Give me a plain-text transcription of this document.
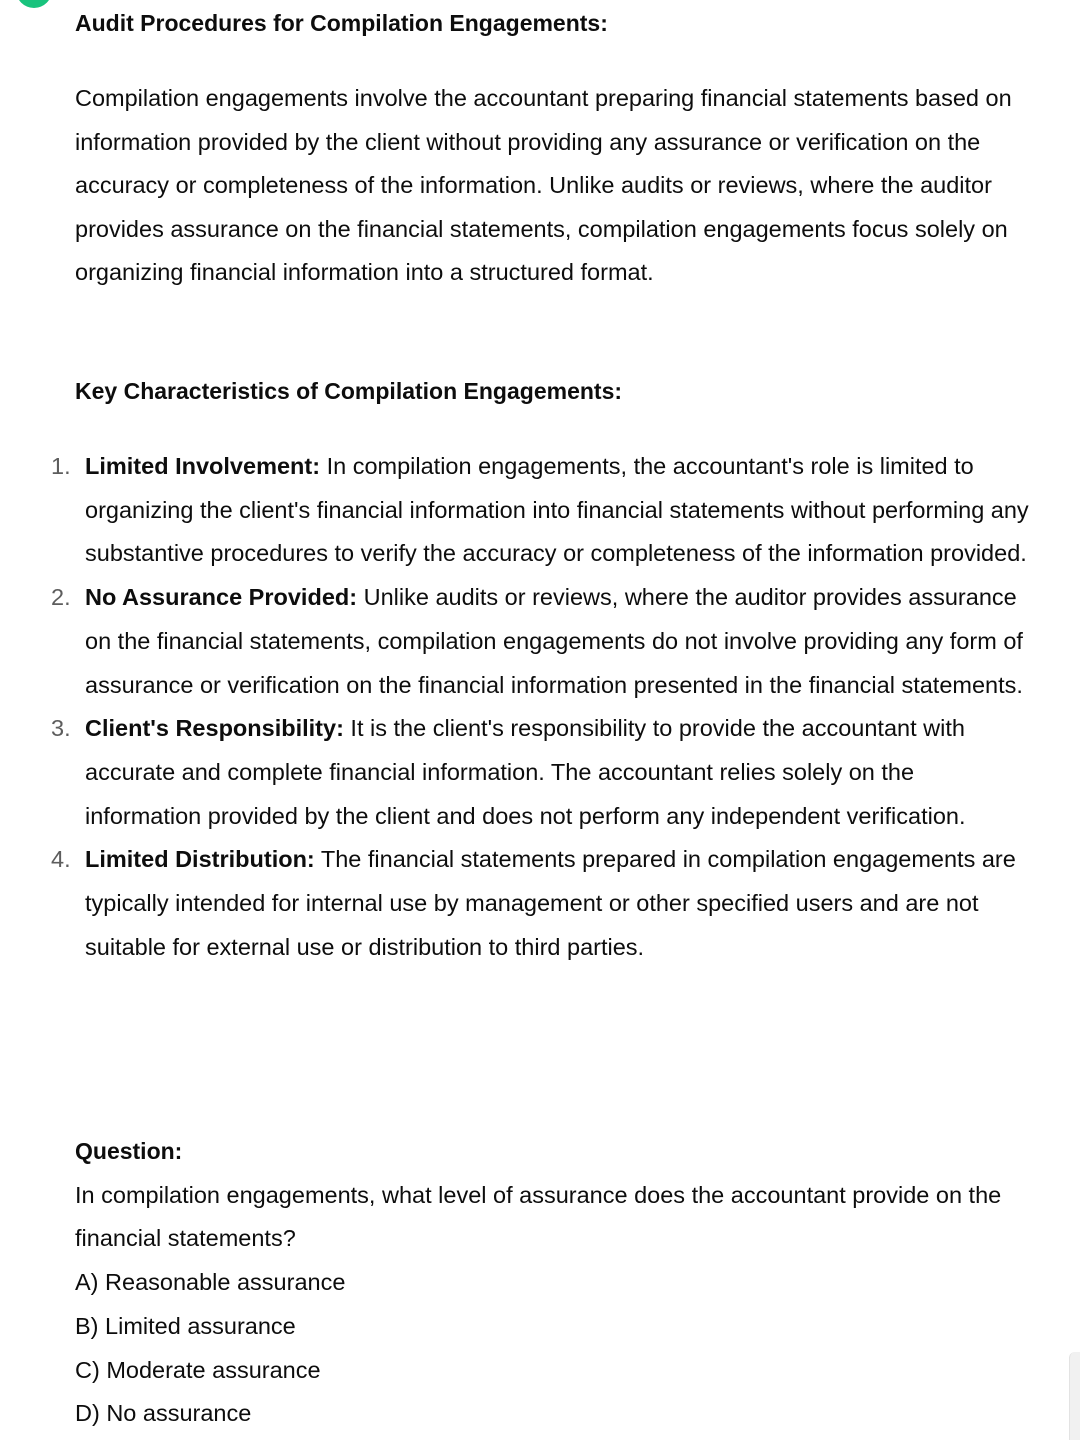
Audit Procedures for Compilation Engagements:
Compilation engagements involve the accountant preparing financial statements based on information provided by the client without providing any assurance or verification on the accuracy or completeness of the information. Unlike audits or reviews, where the auditor provides assurance on the financial statements, compilation engagements focus solely on organizing financial information into a structured format.
Key Characteristics of Compilation Engagements:
1. Limited Involvement: In compilation engagements, the accountant's role is limited to organizing the client's financial information into financial statements without performing any substantive procedures to verify the accuracy or completeness of the information provided.
2. No Assurance Provided: Unlike audits or reviews, where the auditor provides assurance on the financial statements, compilation engagements do not involve providing any form of assurance or verification on the financial information presented in the financial statements.
3. Client's Responsibility: It is the client's responsibility to provide the accountant with accurate and complete financial information. The accountant relies solely on the information provided by the client and does not perform any independent verification.
4. Limited Distribution: The financial statements prepared in compilation engagements are typically intended for internal use by management or other specified users and are not suitable for external use or distribution to third parties.
Question:
In compilation engagements, what level of assurance does the accountant provide on the financial statements?
A) Reasonable assurance
B) Limited assurance
C) Moderate assurance
D) No assurance
